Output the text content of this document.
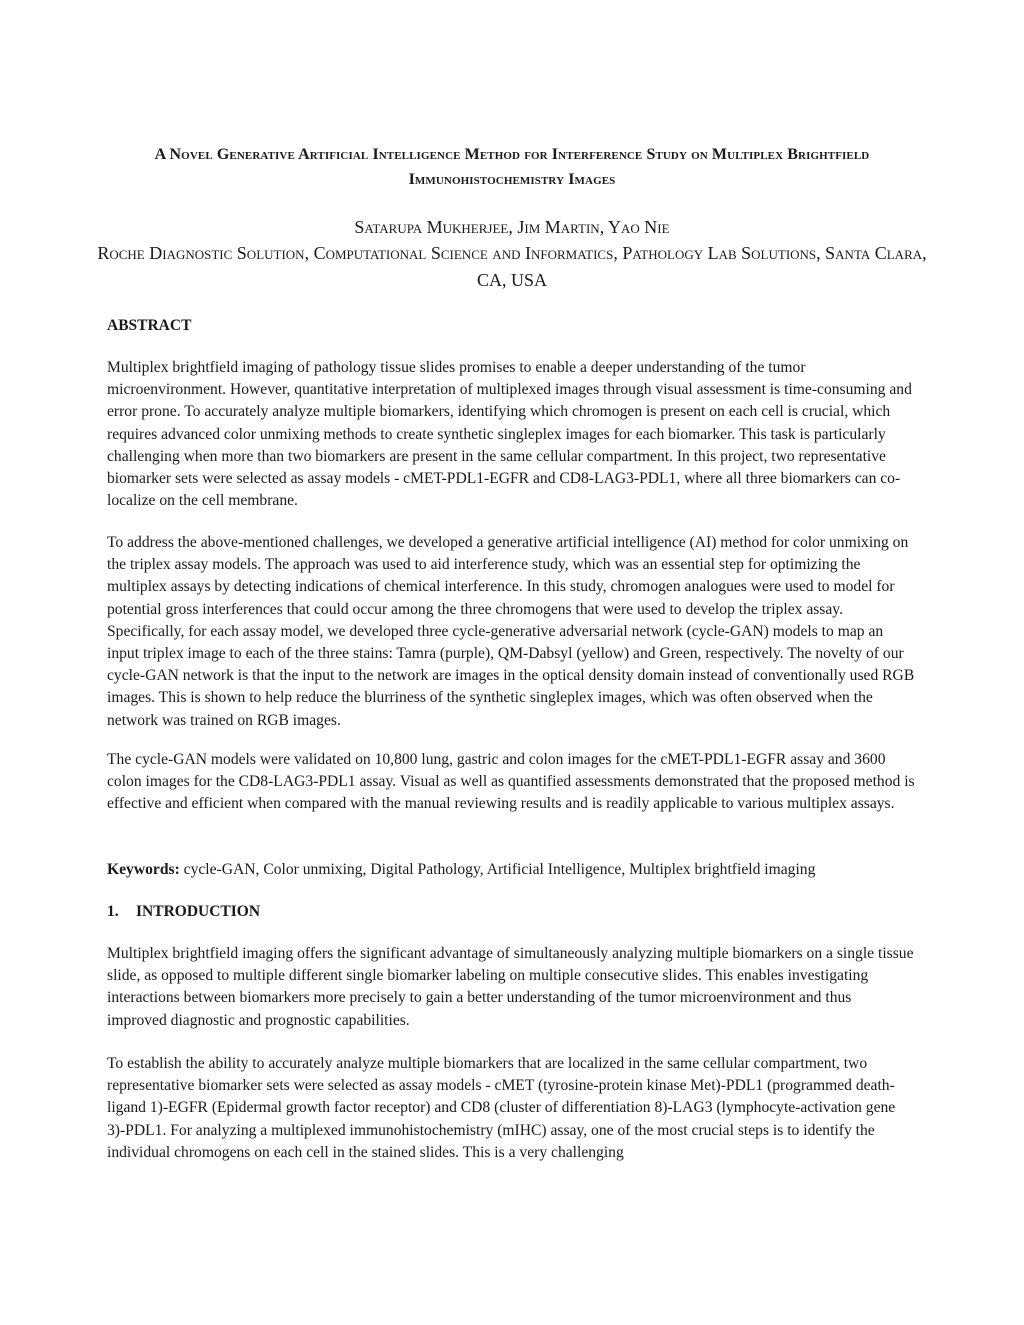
A Novel Generative Artificial Intelligence Method for Interference Study on Multiplex Brightfield Immunohistochemistry Images
Satarupa Mukherjee, Jim Martin, Yao Nie
Roche Diagnostic Solution, Computational Science and Informatics, Pathology Lab Solutions, Santa Clara, CA, USA
ABSTRACT
Multiplex brightfield imaging of pathology tissue slides promises to enable a deeper understanding of the tumor microenvironment. However, quantitative interpretation of multiplexed images through visual assessment is time-consuming and error prone. To accurately analyze multiple biomarkers, identifying which chromogen is present on each cell is crucial, which requires advanced color unmixing methods to create synthetic singleplex images for each biomarker. This task is particularly challenging when more than two biomarkers are present in the same cellular compartment. In this project, two representative biomarker sets were selected as assay models - cMET-PDL1-EGFR and CD8-LAG3-PDL1, where all three biomarkers can co-localize on the cell membrane.
To address the above-mentioned challenges, we developed a generative artificial intelligence (AI) method for color unmixing on the triplex assay models. The approach was used to aid interference study, which was an essential step for optimizing the multiplex assays by detecting indications of chemical interference. In this study, chromogen analogues were used to model for potential gross interferences that could occur among the three chromogens that were used to develop the triplex assay. Specifically, for each assay model, we developed three cycle-generative adversarial network (cycle-GAN) models to map an input triplex image to each of the three stains: Tamra (purple), QM-Dabsyl (yellow) and Green, respectively. The novelty of our cycle-GAN network is that the input to the network are images in the optical density domain instead of conventionally used RGB images. This is shown to help reduce the blurriness of the synthetic singleplex images, which was often observed when the network was trained on RGB images.
The cycle-GAN models were validated on 10,800 lung, gastric and colon images for the cMET-PDL1-EGFR assay and 3600 colon images for the CD8-LAG3-PDL1 assay. Visual as well as quantified assessments demonstrated that the proposed method is effective and efficient when compared with the manual reviewing results and is readily applicable to various multiplex assays.
Keywords: cycle-GAN, Color unmixing, Digital Pathology, Artificial Intelligence, Multiplex brightfield imaging
1. INTRODUCTION
Multiplex brightfield imaging offers the significant advantage of simultaneously analyzing multiple biomarkers on a single tissue slide, as opposed to multiple different single biomarker labeling on multiple consecutive slides. This enables investigating interactions between biomarkers more precisely to gain a better understanding of the tumor microenvironment and thus improved diagnostic and prognostic capabilities.
To establish the ability to accurately analyze multiple biomarkers that are localized in the same cellular compartment, two representative biomarker sets were selected as assay models - cMET (tyrosine-protein kinase Met)-PDL1 (programmed death-ligand 1)-EGFR (Epidermal growth factor receptor) and CD8 (cluster of differentiation 8)-LAG3 (lymphocyte-activation gene 3)-PDL1. For analyzing a multiplexed immunohistochemistry (mIHC) assay, one of the most crucial steps is to identify the individual chromogens on each cell in the stained slides. This is a very challenging
